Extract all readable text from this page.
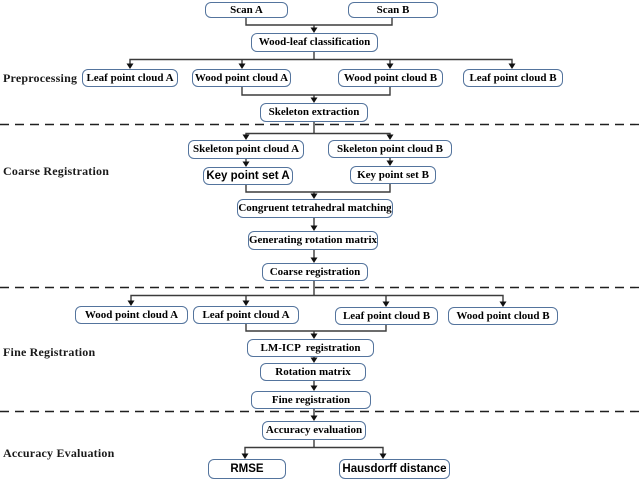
Preprocessing
Coarse Registration
Fine Registration
Accuracy Evaluation
Scan A	Scan B
Wood-leaf classification
Leaf point cloud A	Wood point cloud A	Wood point cloud B	Leaf point cloud B
Skeleton extraction
Skeleton point cloud A	Skeleton point cloud B
Key point set A	Key point set B
Congruent tetrahedral matching
Generating rotation matrix
Coarse registration
Wood point cloud A	Leaf point cloud A	Leaf point cloud B	Wood point cloud B
LM-ICP  registration
Rotation matrix
Fine registration
Accuracy evaluation
RMSE	Hausdorff distance
